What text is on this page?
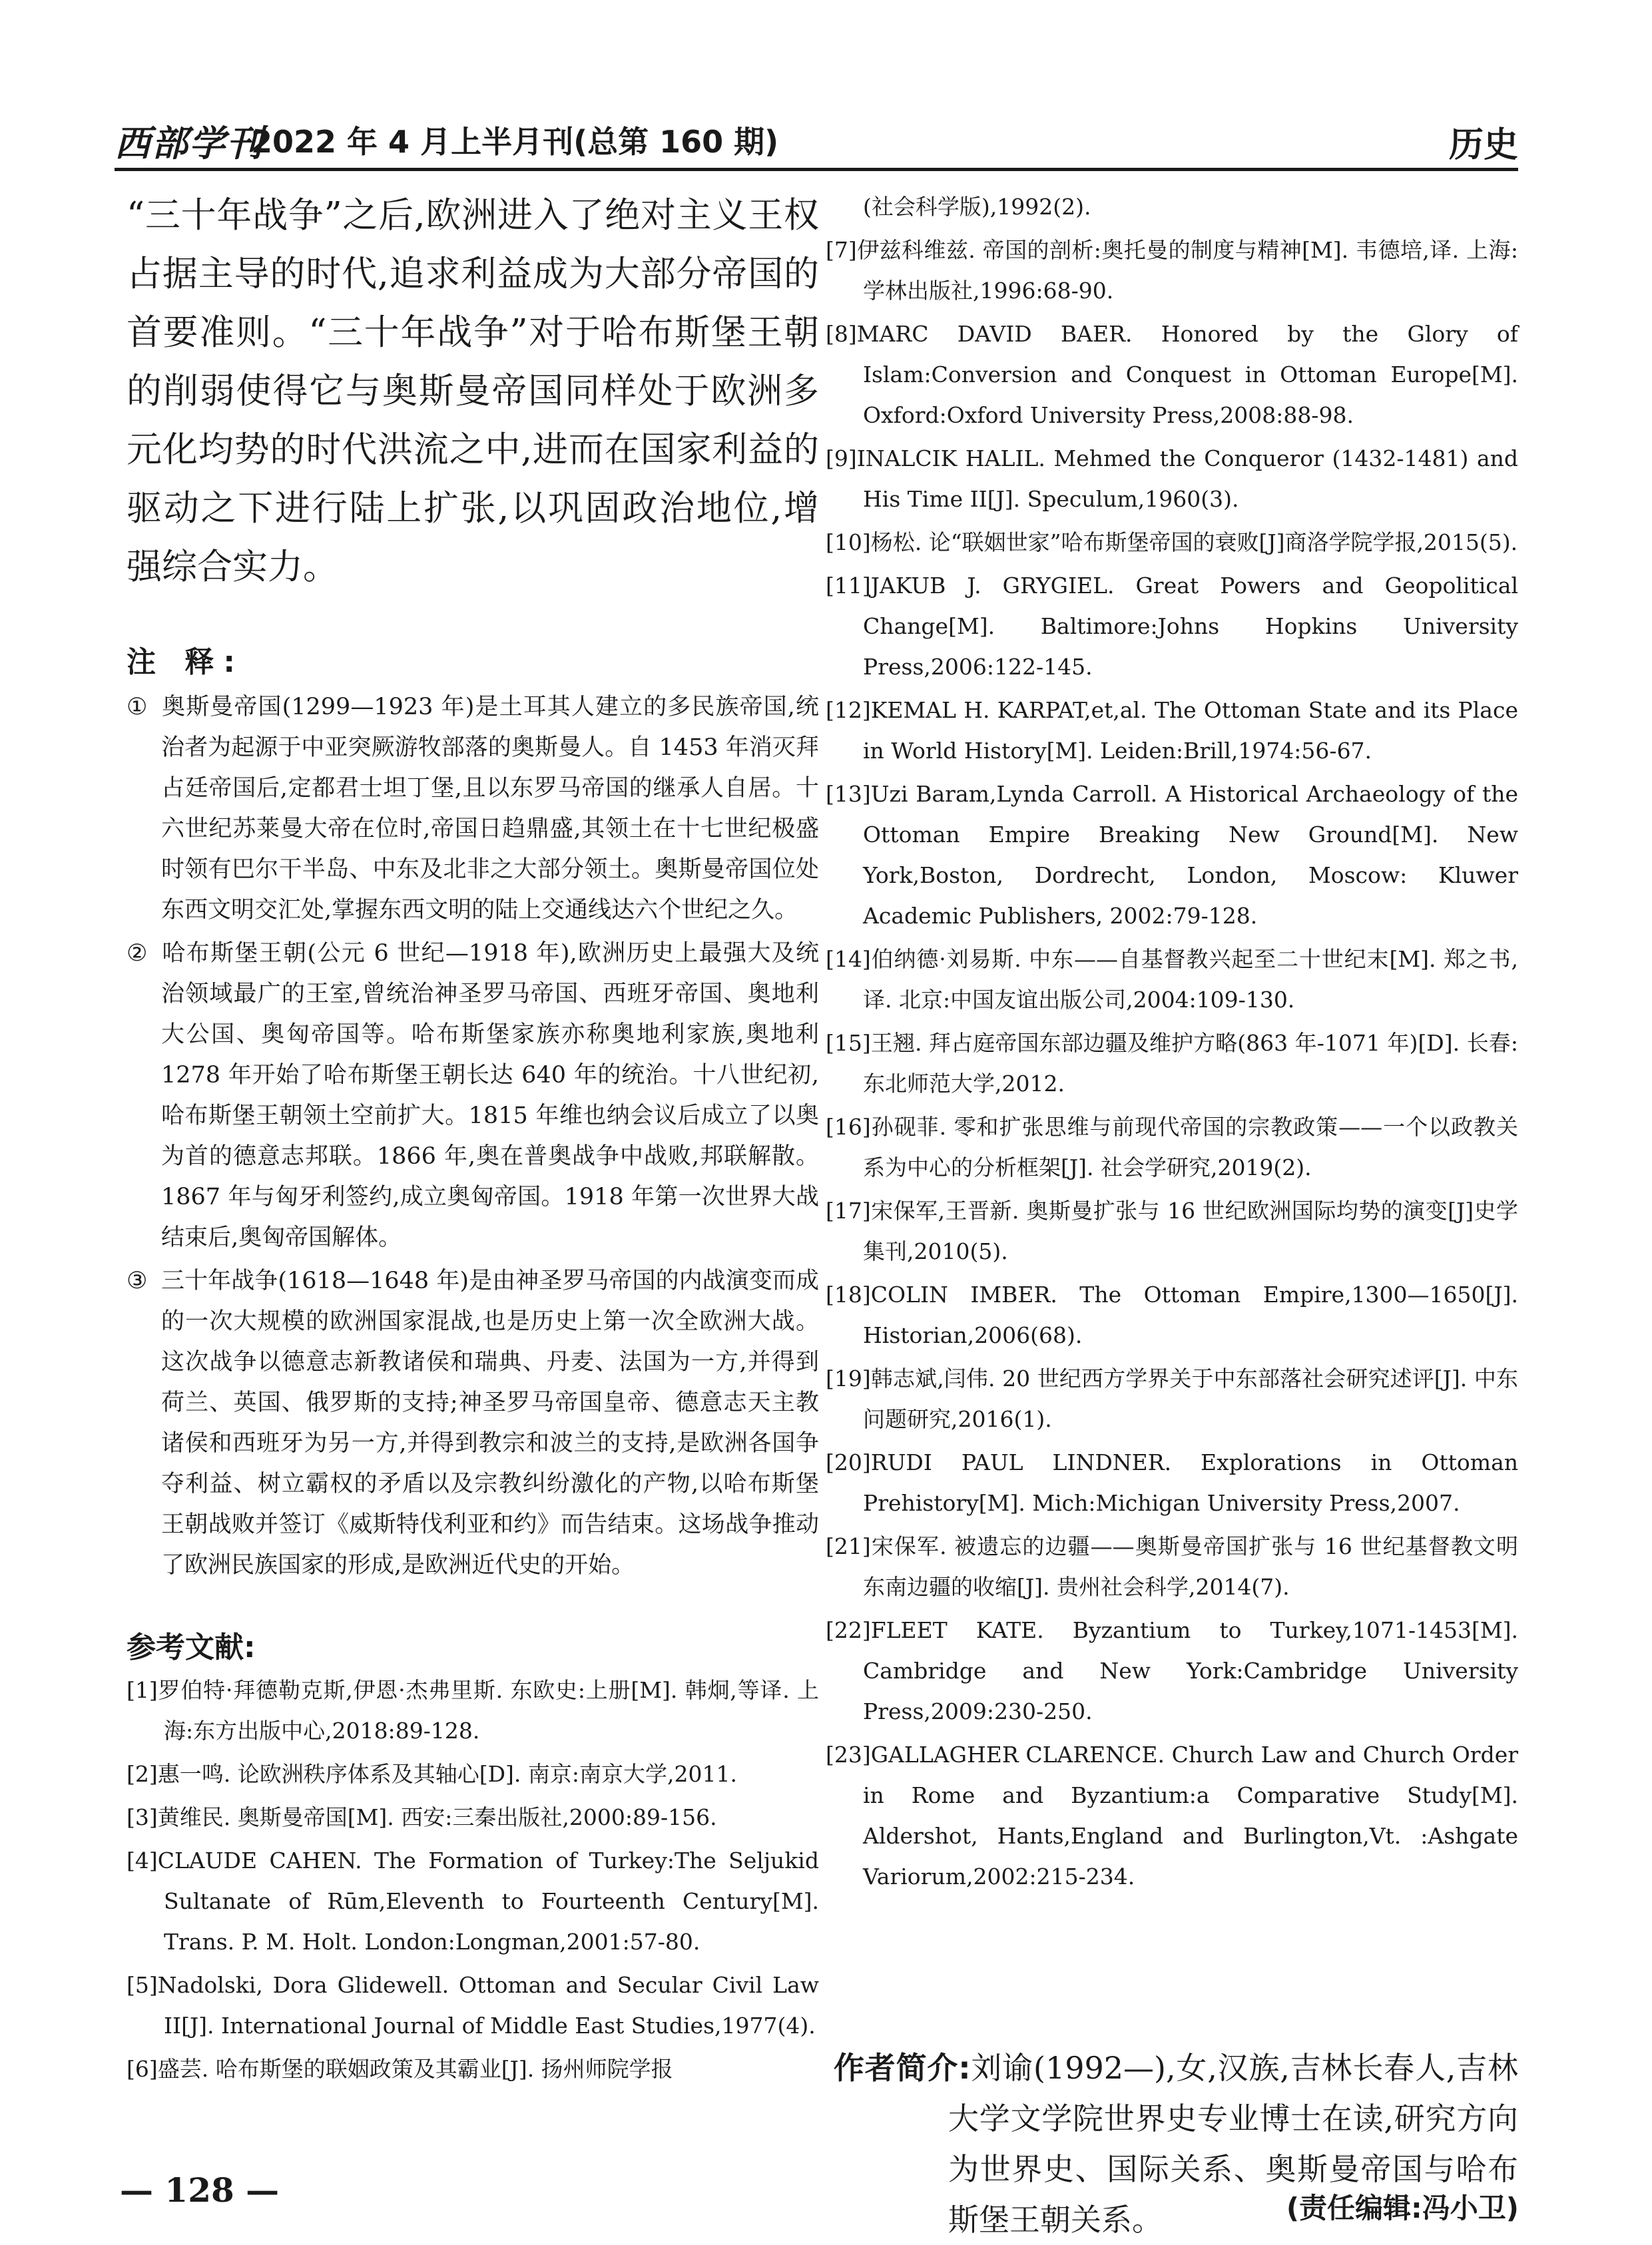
西部学刊
2022 年 4 月上半月刊(总第 160 期)	历史

“三十年战争”之后,欧洲进入了绝对主义王权占据主导的时代,追求利益成为大部分帝国的首要准则。“三十年战争”对于哈布斯堡王朝的削弱使得它与奥斯曼帝国同样处于欧洲多元化均势的时代洪流之中,进而在国家利益的驱动之下进行陆上扩张,以巩固政治地位,增强综合实力。

注 释:

① 奥斯曼帝国(1299—1923 年)是土耳其人建立的多民族帝国,统治者为起源于中亚突厥游牧部落的奥斯曼人。自 1453 年消灭拜占廷帝国后,定都君士坦丁堡,且以东罗马帝国的继承人自居。十六世纪苏莱曼大帝在位时,帝国日趋鼎盛,其领土在十七世纪极盛时领有巴尔干半岛、中东及北非之大部分领土。奥斯曼帝国位处东西文明交汇处,掌握东西文明的陆上交通线达六个世纪之久。

② 哈布斯堡王朝(公元 6 世纪—1918 年),欧洲历史上最强大及统治领域最广的王室,曾统治神圣罗马帝国、西班牙帝国、奥地利大公国、奥匈帝国等。哈布斯堡家族亦称奥地利家族,奥地利 1278 年开始了哈布斯堡王朝长达 640 年的统治。十八世纪初,哈布斯堡王朝领土空前扩大。1815 年维也纳会议后成立了以奥为首的德意志邦联。1866 年,奥在普奥战争中战败,邦联解散。1867 年与匈牙利签约,成立奥匈帝国。1918 年第一次世界大战结束后,奥匈帝国解体。

③ 三十年战争(1618—1648 年)是由神圣罗马帝国的内战演变而成的一次大规模的欧洲国家混战,也是历史上第一次全欧洲大战。这次战争以德意志新教诸侯和瑞典、丹麦、法国为一方,并得到荷兰、英国、俄罗斯的支持;神圣罗马帝国皇帝、德意志天主教诸侯和西班牙为另一方,并得到教宗和波兰的支持,是欧洲各国争夺利益、树立霸权的矛盾以及宗教纠纷激化的产物,以哈布斯堡王朝战败并签订《威斯特伐利亚和约》而告结束。这场战争推动了欧洲民族国家的形成,是欧洲近代史的开始。

参考文献:

[1]罗伯特·拜德勒克斯,伊恩·杰弗里斯. 东欧史:上册[M]. 韩炯,等译. 上海:东方出版中心,2018:89-128.

[2]惠一鸣. 论欧洲秩序体系及其轴心[D]. 南京:南京大学,2011.

[3]黄维民. 奥斯曼帝国[M]. 西安:三秦出版社,2000:89-156.

[4]CLAUDE CAHEN. The Formation of Turkey:The Seljukid Sultanate of Rūm,Eleventh to Fourteenth Century[M]. Trans. P. M. Holt. London:Longman,2001:57-80.

[5]Nadolski, Dora Glidewell. Ottoman and Secular Civil Law II[J]. International Journal of Middle East Studies,1977(4).

[6]盛芸. 哈布斯堡的联姻政策及其霸业[J]. 扬州师院学报

(社会科学版),1992(2).

[7]伊兹科维兹. 帝国的剖析:奥托曼的制度与精神[M]. 韦德培,译. 上海:学林出版社,1996:68-90.

[8]MARC DAVID BAER. Honored by the Glory of Islam:Conversion and Conquest in Ottoman Europe[M]. Oxford:Oxford University Press,2008:88-98.

[9]INALCIK HALIL. Mehmed the Conqueror (1432-1481) and His Time II[J]. Speculum,1960(3).

[10]杨松. 论“联姻世家”哈布斯堡帝国的衰败[J]商洛学院学报,2015(5).

[11]JAKUB J. GRYGIEL. Great Powers and Geopolitical Change[M]. Baltimore:Johns Hopkins University Press,2006:122-145.

[12]KEMAL H. KARPAT,et,al. The Ottoman State and its Place in World History[M]. Leiden:Brill,1974:56-67.

[13]Uzi Baram,Lynda Carroll. A Historical Archaeology of the Ottoman Empire Breaking New Ground[M]. New York,Boston, Dordrecht, London, Moscow: Kluwer Academic Publishers, 2002:79-128.

[14]伯纳德·刘易斯. 中东——自基督教兴起至二十世纪末[M]. 郑之书,译. 北京:中国友谊出版公司,2004:109-130.

[15]王翘. 拜占庭帝国东部边疆及维护方略(863 年-1071 年)[D]. 长春:东北师范大学,2012.

[16]孙砚菲. 零和扩张思维与前现代帝国的宗教政策——一个以政教关系为中心的分析框架[J]. 社会学研究,2019(2).

[17]宋保军,王晋新. 奥斯曼扩张与 16 世纪欧洲国际均势的演变[J]史学集刊,2010(5).

[18]COLIN IMBER. The Ottoman Empire,1300—1650[J]. Historian,2006(68).

[19]韩志斌,闫伟. 20 世纪西方学界关于中东部落社会研究述评[J]. 中东问题研究,2016(1).

[20]RUDI PAUL LINDNER. Explorations in Ottoman Prehistory[M]. Mich:Michigan University Press,2007.

[21]宋保军. 被遗忘的边疆——奥斯曼帝国扩张与 16 世纪基督教文明东南边疆的收缩[J]. 贵州社会科学,2014(7).

[22]FLEET KATE. Byzantium to Turkey,1071-1453[M]. Cambridge and New York:Cambridge University Press,2009:230-250.

[23]GALLAGHER CLARENCE. Church Law and Church Order in Rome and Byzantium:a Comparative Study[M]. Aldershot, Hants,England and Burlington,Vt. :Ashgate Variorum,2002:215-234.

作者简介:刘谕(1992—),女,汉族,吉林长春人,吉林大学文学院世界史专业博士在读,研究方向为世界史、国际关系、奥斯曼帝国与哈布斯堡王朝关系。	(责任编辑:冯小卫)
— 128 —
